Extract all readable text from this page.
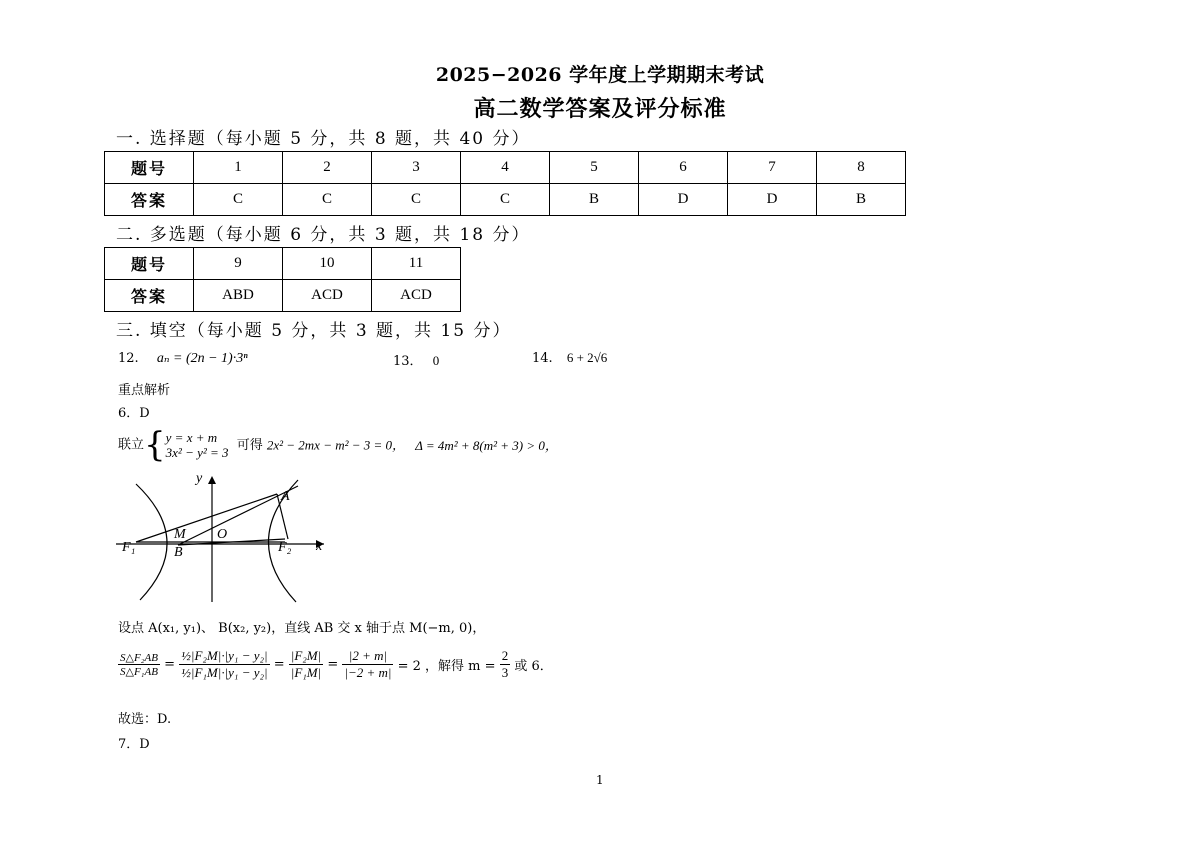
2025−2026 学年度上学期期末考试
高二数学答案及评分标准
一. 选择题（每小题 5 分，共 8 题，共 40 分）
题号	1	2	3	4	5	6	7	8
答案	C	C	C	C	B	D	D	B
二. 多选题（每小题 6 分，共 3 题，共 18 分）
题号	9	10	11
答案	ABD	ACD	ACD
三. 填空（每小题 5 分，共 3 题，共 15 分）
12. aₙ = (2n − 1)·3ⁿ	13． 0	14. 6 + 2√6
重点解析
6．D
联立{ y = x + m
3x² − y² = 3 可得 2x² − 2mx − m² − 3 = 0， Δ = 4m² + 8(m² + 3) > 0，
y
x
A
B
M O
F₁	F₂
设点 A(x₁, y₁)、 B(x₂, y₂)，直线 AB 交 x 轴于点 M(−m, 0)，
$\frac{\text{S△F₂AB}}{\text{S△F₁AB}} = \frac{\text{½|F₂M|·|y₁ − y₂|}}{\text{½|F₁M|·|y₁ − y₂|}} = \frac{\text{|F₂M|}}{\text{|F₁M|}} = \frac{|2 + m|}{|-2 + m|} = 2$ ，解得 $m = \frac{2}{3}$ 或 6．
故选：D.
7．D
1
